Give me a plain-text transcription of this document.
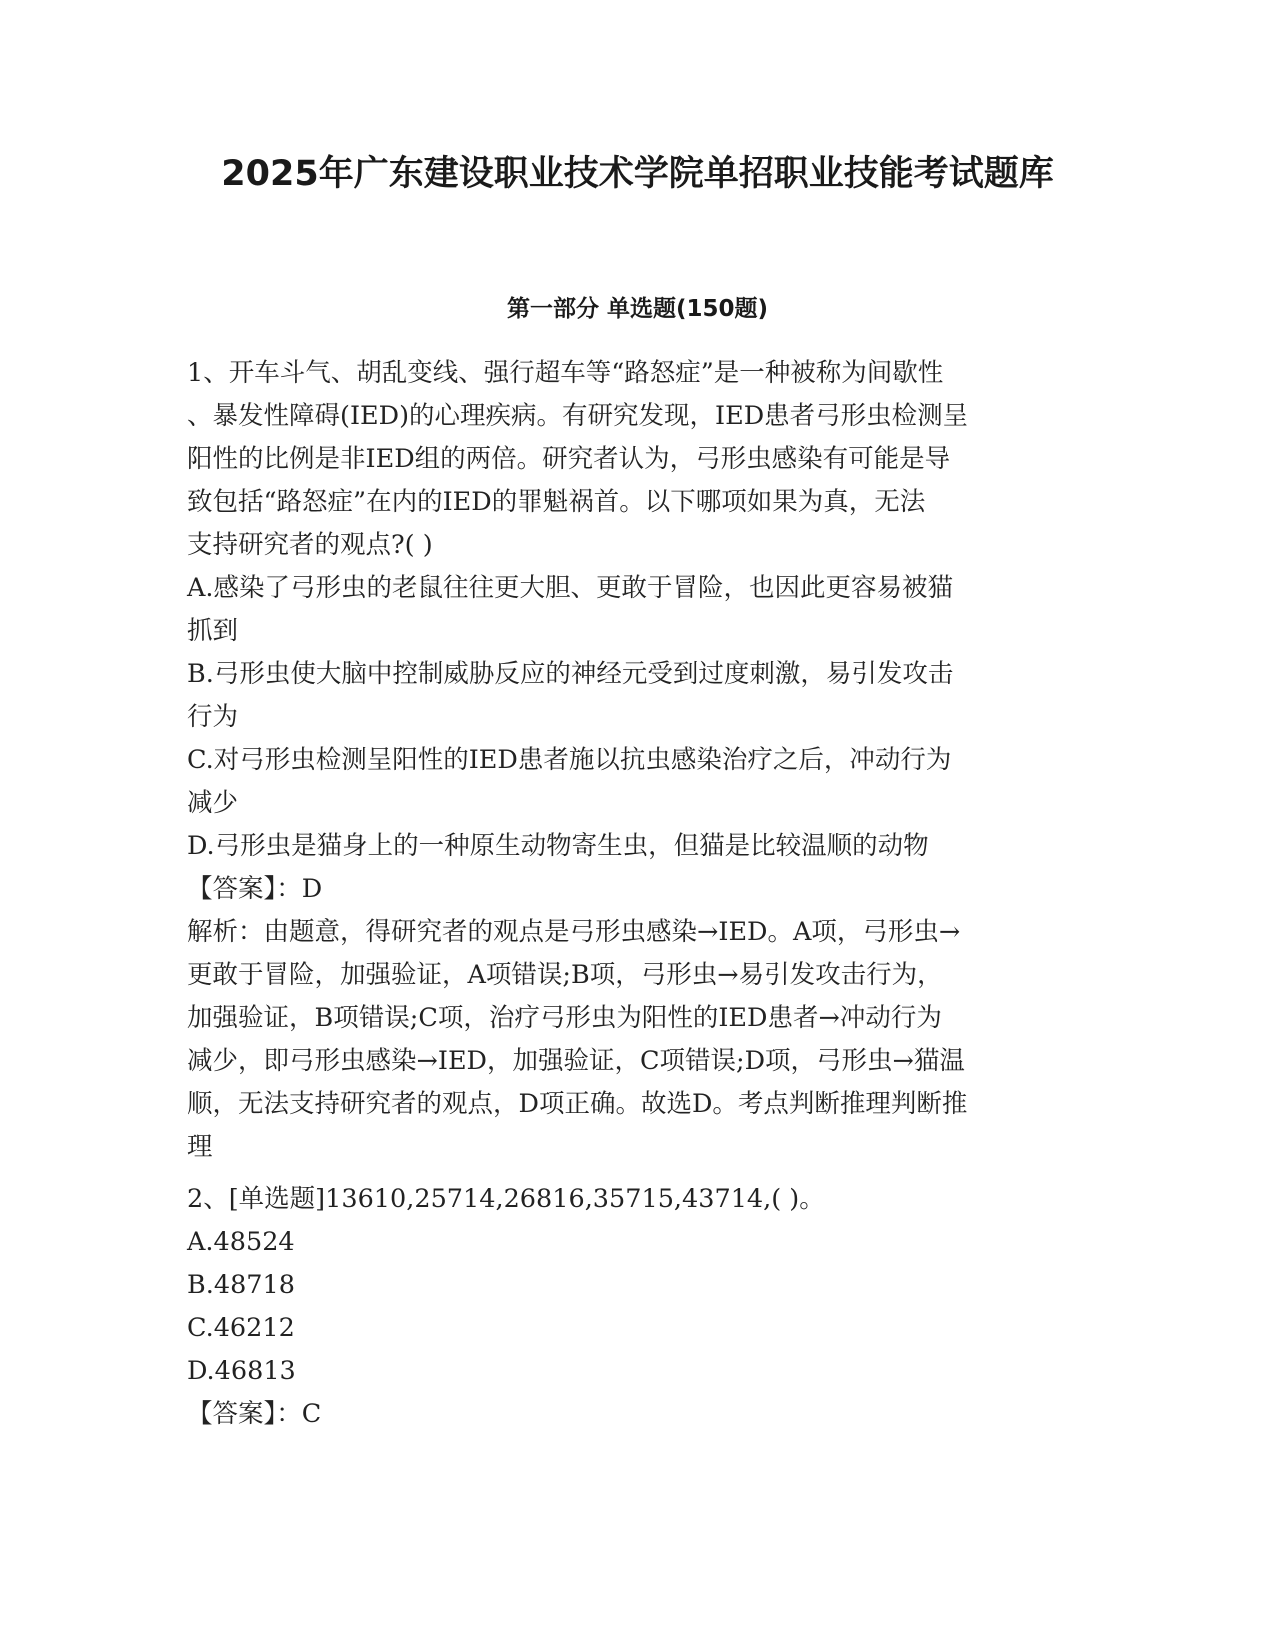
2025年广东建设职业技术学院单招职业技能考试题库
第一部分 单选题(150题)
1、开车斗气、胡乱变线、强行超车等“路怒症”是一种被称为间歇性
、暴发性障碍(IED)的心理疾病。有研究发现，IED患者弓形虫检测呈
阳性的比例是非IED组的两倍。研究者认为，弓形虫感染有可能是导
致包括“路怒症”在内的IED的罪魁祸首。以下哪项如果为真，无法
支持研究者的观点?( )
A.感染了弓形虫的老鼠往往更大胆、更敢于冒险，也因此更容易被猫
抓到
B.弓形虫使大脑中控制威胁反应的神经元受到过度刺激，易引发攻击
行为
C.对弓形虫检测呈阳性的IED患者施以抗虫感染治疗之后，冲动行为
减少
D.弓形虫是猫身上的一种原生动物寄生虫，但猫是比较温顺的动物
【答案】：D
解析：由题意，得研究者的观点是弓形虫感染→IED。A项，弓形虫→
更敢于冒险，加强验证，A项错误;B项，弓形虫→易引发攻击行为，
加强验证，B项错误;C项，治疗弓形虫为阳性的IED患者→冲动行为
减少，即弓形虫感染→IED，加强验证，C项错误;D项，弓形虫→猫温
顺，无法支持研究者的观点，D项正确。故选D。考点判断推理判断推
理
2、[单选题]13610,25714,26816,35715,43714,( )。
A.48524
B.48718
C.46212
D.46813
【答案】：C
